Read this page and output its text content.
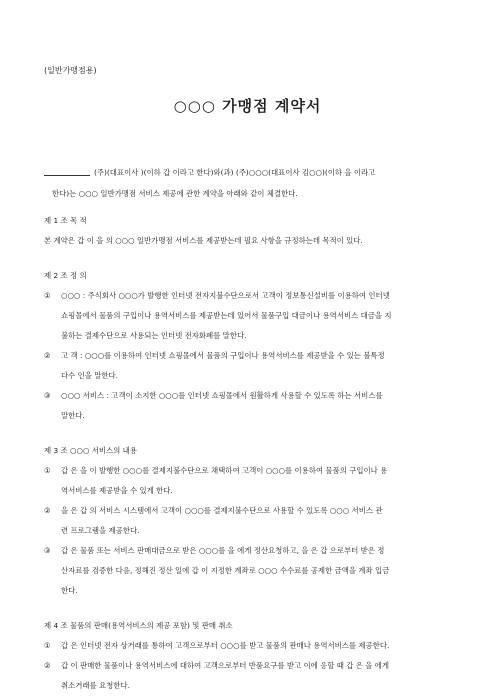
(일반가맹점용)
○○○ 가맹점 계약서
(주)(대표이사 )(이하 갑 이라고 한다)와(과) (주)○○○(대표이사 김○○)(이하 을 이라고
한다)는 ○○○ 일반가맹점 서비스 제공에 관한 계약을 아래와 같이 체결한다.
제 1 조 목 적
본 계약은 갑 이 을 의 ○○○ 일반가맹점 서비스를 제공받는데 필요 사항을 규정하는데 목적이 있다.
제 2 조 정 의
① ○○○ : 주식회사 ○○○가 발행한 인터넷 전자지불수단으로서 고객이 정보통신설비를 이용하여 인터넷
쇼핑몰에서 물품의 구입이나 용역서비스를 제공받는데 있어서 물품구입 대금이나 용역서비스 대금을 지
불하는 결제수단으로 사용되는 인터넷 전자화폐를 말한다.
② 고 객 : ○○○를 이용하여 인터넷 쇼핑몰에서 물품의 구입이나 용역서비스를 제공받을 수 있는 불특정
다수 인을 말한다.
③ ○○○ 서비스 : 고객이 소지한 ○○○를 인터넷 쇼핑몰에서 원활하게 사용할 수 있도록 하는 서비스를
말한다.
제 3 조 ○○○ 서비스의 내용
① 갑 은 을 이 발행한 ○○○를 결제지불수단으로 채택하여 고객이 ○○○를 이용하여 물품의 구입이나 용
역서비스를 제공받을 수 있게 한다.
② 을 은 갑 의 서비스 시스템에서 고객이 ○○○를 결제지불수단으로 사용할 수 있도록 ○○○ 서비스 관
련 프로그램을 제공한다.
③ 갑 은 물품 또는 서비스 판매대금으로 받은 ○○○를 을 에게 정산요청하고, 을 은 갑 으로부터 받은 정
산자료를 검증한 다음, 정해진 정산 일에 갑 이 지정한 계좌로 ○○○ 수수료를 공제한 금액을 계좌 입금
한다.
제 4 조 물품의 판매(용역서비스의 제공 포함) 및 판매 취소
① 갑 은 인터넷 전자 상거래를 통하여 고객으로부터 ○○○를 받고 물품의 판매나 용역서비스를 제공한다.
② 갑 이 판매한 물품이나 용역서비스에 대하여 고객으로부터 반품요구를 받고 이에 응할 때 갑 은 을 에게
취소거래를 요청한다.
